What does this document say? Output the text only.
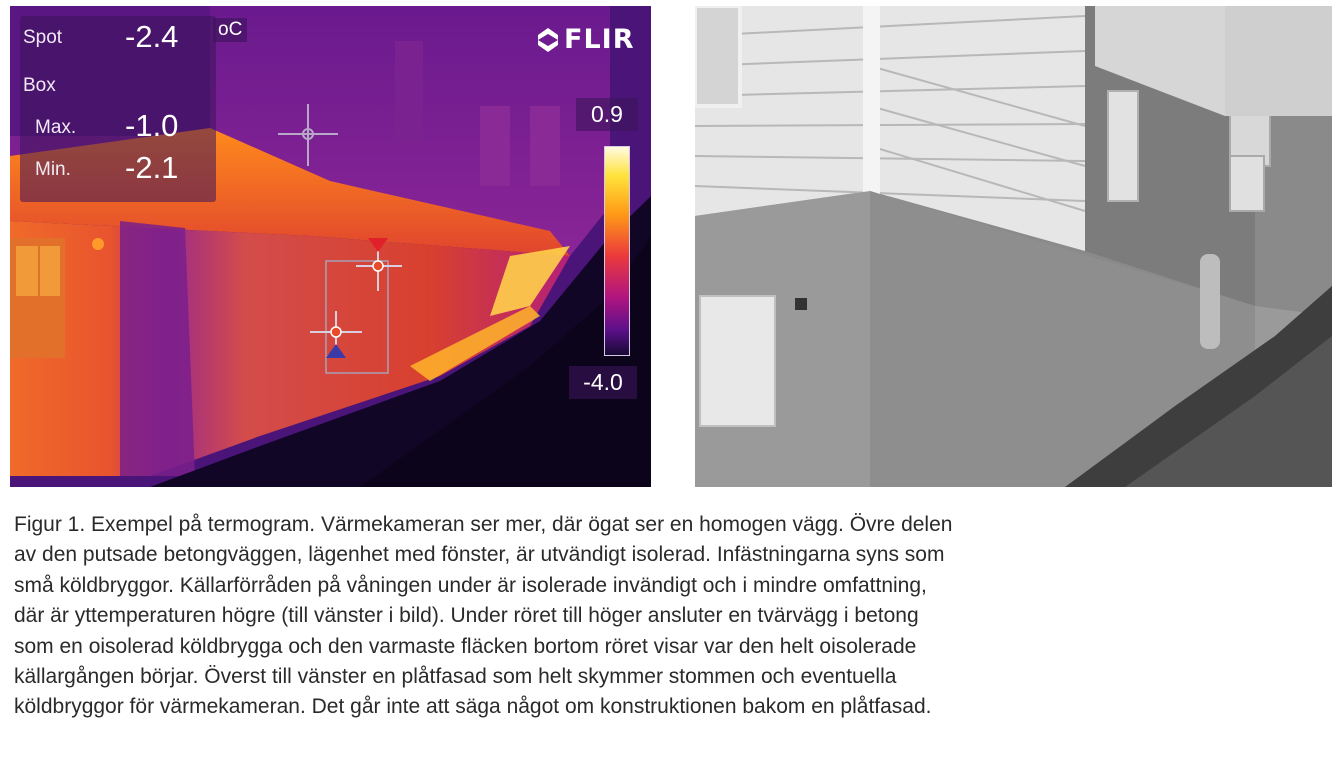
Spot -2.4
Box
Max. -1.0
Min. -2.1
oC	FLIR
0.9
-4.0

Figur 1. Exempel på termogram. Värmekameran ser mer, där ögat ser en homogen vägg. Övre delen
av den putsade betongväggen, lägenhet med fönster, är utvändigt isolerad. Infästningarna syns som
små köldbryggor. Källarförråden på våningen under är isolerade invändigt och i mindre omfattning,
där är yttemperaturen högre (till vänster i bild). Under röret till höger ansluter en tvärvägg i betong
som en oisolerad köldbrygga och den varmaste fläcken bortom röret visar var den helt oisolerade
källargången börjar. Överst till vänster en plåtfasad som helt skymmer stommen och eventuella
köldbryggor för värmekameran. Det går inte att säga något om konstruktionen bakom en plåtfasad.
